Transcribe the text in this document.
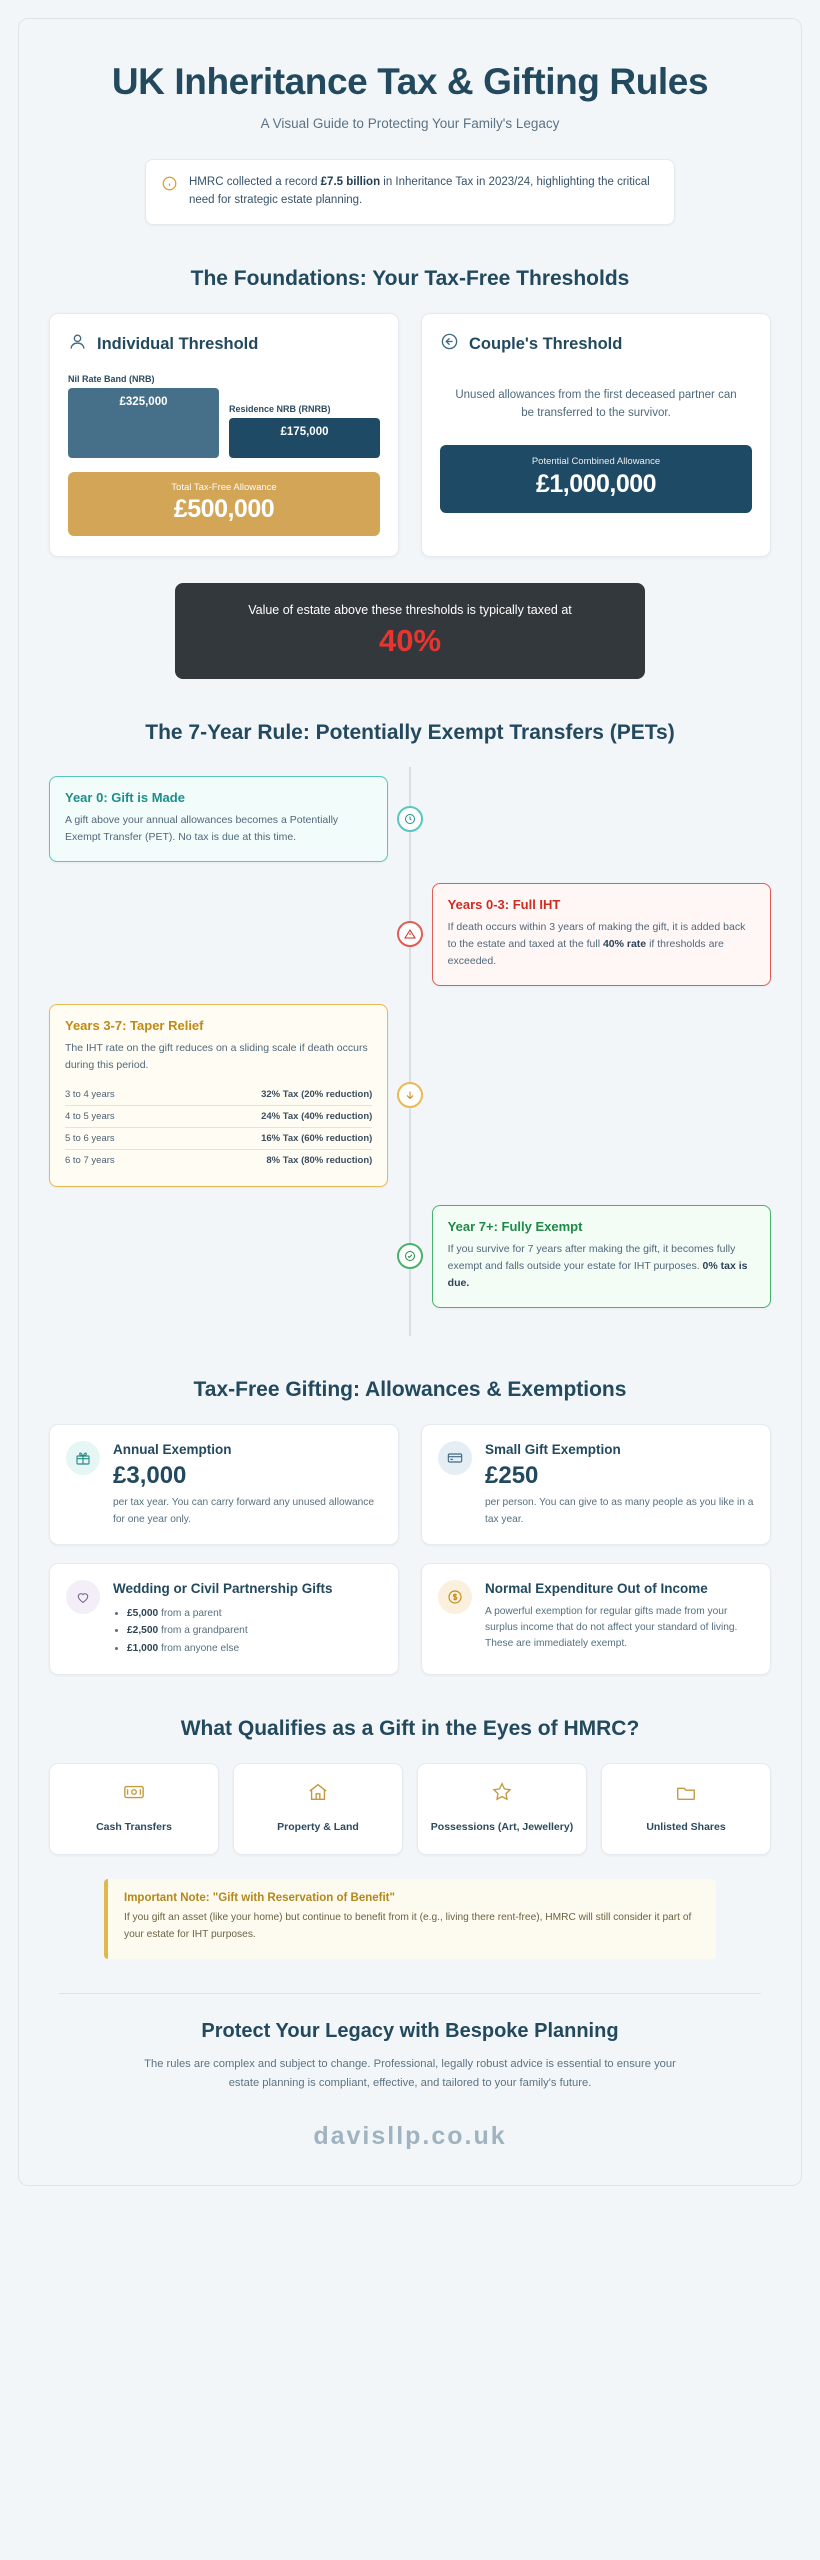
UK Inheritance Tax & Gifting Rules
A Visual Guide to Protecting Your Family's Legacy

HMRC collected a record £7.5 billion in Inheritance Tax in 2023/24, highlighting the critical need for strategic estate planning.

The Foundations: Your Tax-Free Thresholds
Individual Threshold
Nil Rate Band (NRB)
£325,000
Residence NRB (RNRB)
£175,000
Total Tax-Free Allowance
£500,000
Couple's Threshold
Unused allowances from the first deceased partner can be transferred to the survivor.
Potential Combined Allowance
£1,000,000
Value of estate above these thresholds is typically taxed at
40%
The 7-Year Rule: Potentially Exempt Transfers (PETs)
Year 0: Gift is Made

A gift above your annual allowances becomes a Potentially Exempt Transfer (PET). No tax is due at this time.

Years 0-3: Full IHT

If death occurs within 3 years of making the gift, it is added back to the estate and taxed at the full 40% rate if thresholds are exceeded.

Years 3-7: Taper Relief

The IHT rate on the gift reduces on a sliding scale if death occurs during this period.

3 to 4 years	32% Tax (20% reduction)
4 to 5 years	24% Tax (40% reduction)
5 to 6 years	16% Tax (60% reduction)
6 to 7 years	8% Tax (80% reduction)
Year 7+: Fully Exempt

If you survive for 7 years after making the gift, it becomes fully exempt and falls outside your estate for IHT purposes. 0% tax is due.

Tax-Free Gifting: Allowances & Exemptions
Annual Exemption
£3,000

per tax year. You can carry forward any unused allowance for one year only.

Small Gift Exemption
£250

per person. You can give to as many people as you like in a tax year.

Wedding or Civil Partnership Gifts
• £5,000 from a parent
• £2,500 from a grandparent
• £1,000 from anyone else
Normal Expenditure Out of Income

A powerful exemption for regular gifts made from your surplus income that do not affect your standard of living. These are immediately exempt.

What Qualifies as a Gift in the Eyes of HMRC?
Cash Transfers	Property & Land	Possessions (Art, Jewellery)	Unlisted Shares
Important Note: "Gift with Reservation of Benefit"

If you gift an asset (like your home) but continue to benefit from it (e.g., living there rent-free), HMRC will still consider it part of your estate for IHT purposes.

Protect Your Legacy with Bespoke Planning
The rules are complex and subject to change. Professional, legally robust advice is essential to ensure your estate planning is compliant, effective, and tailored to your family's future.
davisllp.co.uk
